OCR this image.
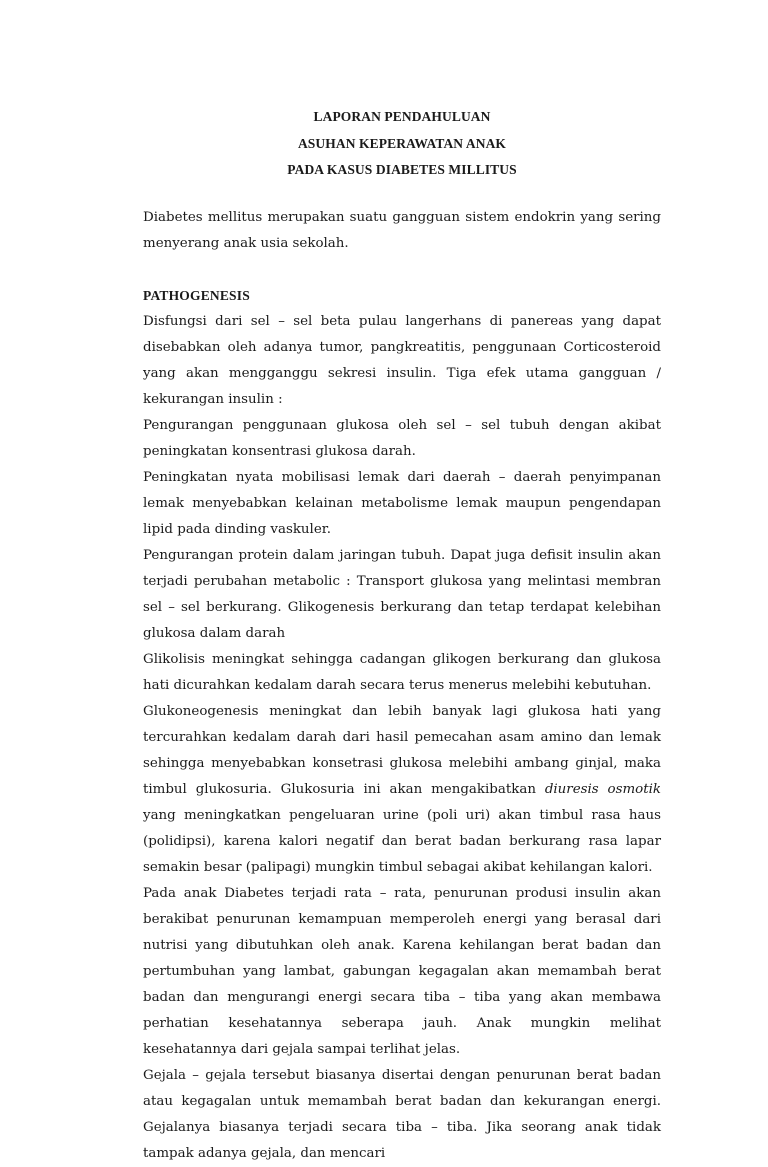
LAPORAN PENDAHULUAN
ASUHAN KEPERAWATAN ANAK
PADA KASUS DIABETES MILLITUS

Diabetes mellitus merupakan suatu gangguan sistem endokrin yang sering menyerang anak usia sekolah.

PATHOGENESIS

Disfungsi dari sel – sel beta pulau langerhans di panereas yang dapat disebabkan oleh adanya tumor, pangkreatitis, penggunaan Corticosteroid yang akan mengganggu sekresi insulin. Tiga efek utama gangguan / kekurangan insulin :

Pengurangan penggunaan glukosa oleh sel – sel tubuh dengan akibat peningkatan konsentrasi glukosa darah.

Peningkatan nyata mobilisasi lemak dari daerah – daerah penyimpanan lemak menyebabkan kelainan metabolisme lemak maupun pengendapan lipid pada dinding vaskuler.

Pengurangan protein dalam jaringan tubuh. Dapat juga defisit insulin akan terjadi perubahan metabolic : Transport glukosa yang melintasi membran sel – sel berkurang. Glikogenesis berkurang dan tetap terdapat kelebihan glukosa dalam darah

Glikolisis meningkat sehingga cadangan glikogen berkurang dan glukosa hati dicurahkan kedalam darah secara terus menerus melebihi kebutuhan.

Glukoneogenesis meningkat dan lebih banyak lagi glukosa hati yang tercurahkan kedalam darah dari hasil pemecahan asam amino dan lemak sehingga menyebabkan konsetrasi glukosa melebihi ambang ginjal, maka timbul glukosuria. Glukosuria ini akan mengakibatkan diuresis osmotik yang meningkatkan pengeluaran urine (poli uri) akan timbul rasa haus (polidipsi), karena kalori negatif dan berat badan berkurang rasa lapar semakin besar (palipagi) mungkin timbul sebagai akibat kehilangan kalori.

Pada anak Diabetes terjadi rata – rata, penurunan produsi insulin akan berakibat penurunan kemampuan memperoleh energi yang berasal dari nutrisi yang dibutuhkan oleh anak. Karena kehilangan berat badan dan pertumbuhan yang lambat, gabungan kegagalan akan memambah berat badan dan mengurangi energi secara tiba – tiba yang akan membawa perhatian kesehatannya seberapa jauh. Anak mungkin melihat kesehatannya dari gejala sampai terlihat jelas.

Gejala – gejala tersebut biasanya disertai dengan penurunan berat badan atau kegagalan untuk memambah berat badan dan kekurangan energi. Gejalanya biasanya terjadi secara tiba – tiba. Jika seorang anak tidak tampak adanya gejala, dan mencari
